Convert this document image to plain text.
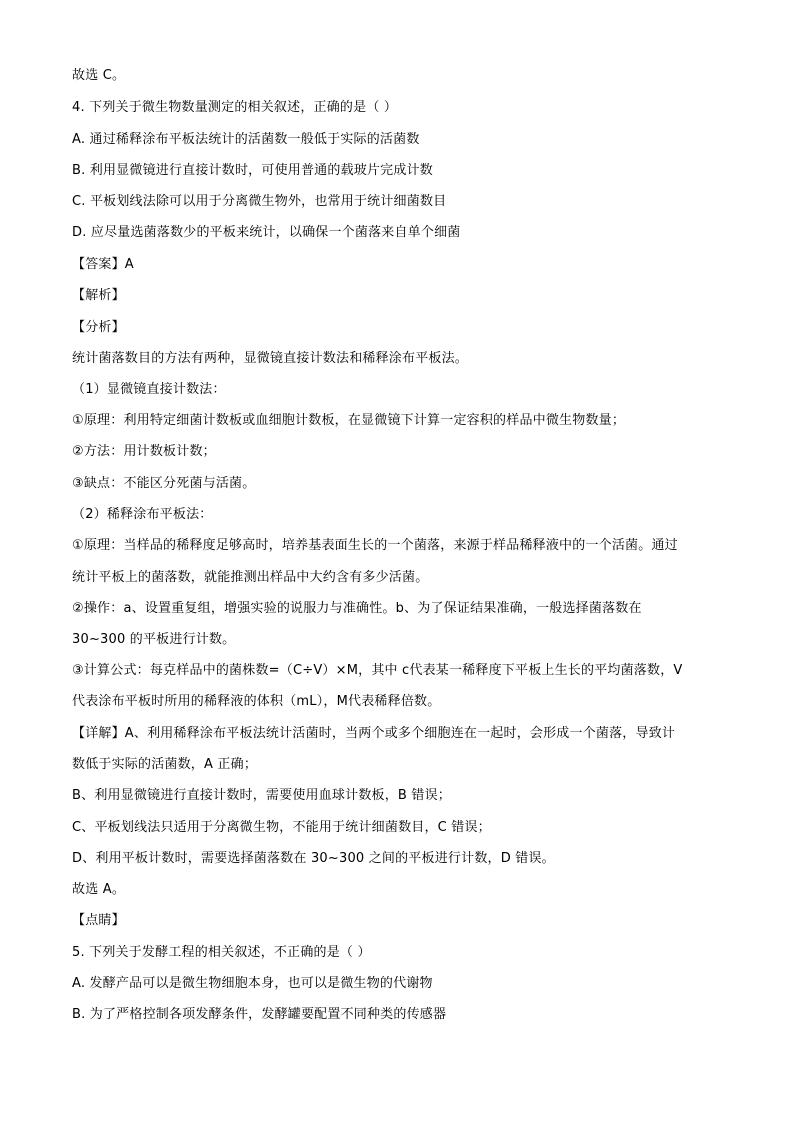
故选 C。
4. 下列关于微生物数量测定的相关叙述，正确的是（ ）
A. 通过稀释涂布平板法统计的活菌数一般低于实际的活菌数
B. 利用显微镜进行直接计数时，可使用普通的载玻片完成计数
C. 平板划线法除可以用于分离微生物外，也常用于统计细菌数目
D. 应尽量选菌落数少的平板来统计，以确保一个菌落来自单个细菌
【答案】A
【解析】
【分析】
统计菌落数目的方法有两种，显微镜直接计数法和稀释涂布平板法。
（1）显微镜直接计数法：
①原理：利用特定细菌计数板或血细胞计数板，在显微镜下计算一定容积的样品中微生物数量；
②方法：用计数板计数；
③缺点：不能区分死菌与活菌。
（2）稀释涂布平板法：
①原理：当样品的稀释度足够高时，培养基表面生长的一个菌落，来源于样品稀释液中的一个活菌。通过
统计平板上的菌落数，就能推测出样品中大约含有多少活菌。
②操作：a、设置重复组，增强实验的说服力与准确性。b、为了保证结果准确，一般选择菌落数在
30~300 的平板进行计数。
③计算公式：每克样品中的菌株数=（C÷V）×M，其中 c代表某一稀释度下平板上生长的平均菌落数，V
代表涂布平板时所用的稀释液的体积（mL），M代表稀释倍数。
【详解】A、利用稀释涂布平板法统计活菌时，当两个或多个细胞连在一起时，会形成一个菌落，导致计
数低于实际的活菌数，A 正确；
B、利用显微镜进行直接计数时，需要使用血球计数板，B 错误；
C、平板划线法只适用于分离微生物，不能用于统计细菌数目，C 错误；
D、利用平板计数时，需要选择菌落数在 30~300 之间的平板进行计数，D 错误。
故选 A。
【点睛】
5. 下列关于发酵工程的相关叙述，不正确的是（ ）
A. 发酵产品可以是微生物细胞本身，也可以是微生物的代谢物
B. 为了严格控制各项发酵条件，发酵罐要配置不同种类的传感器
